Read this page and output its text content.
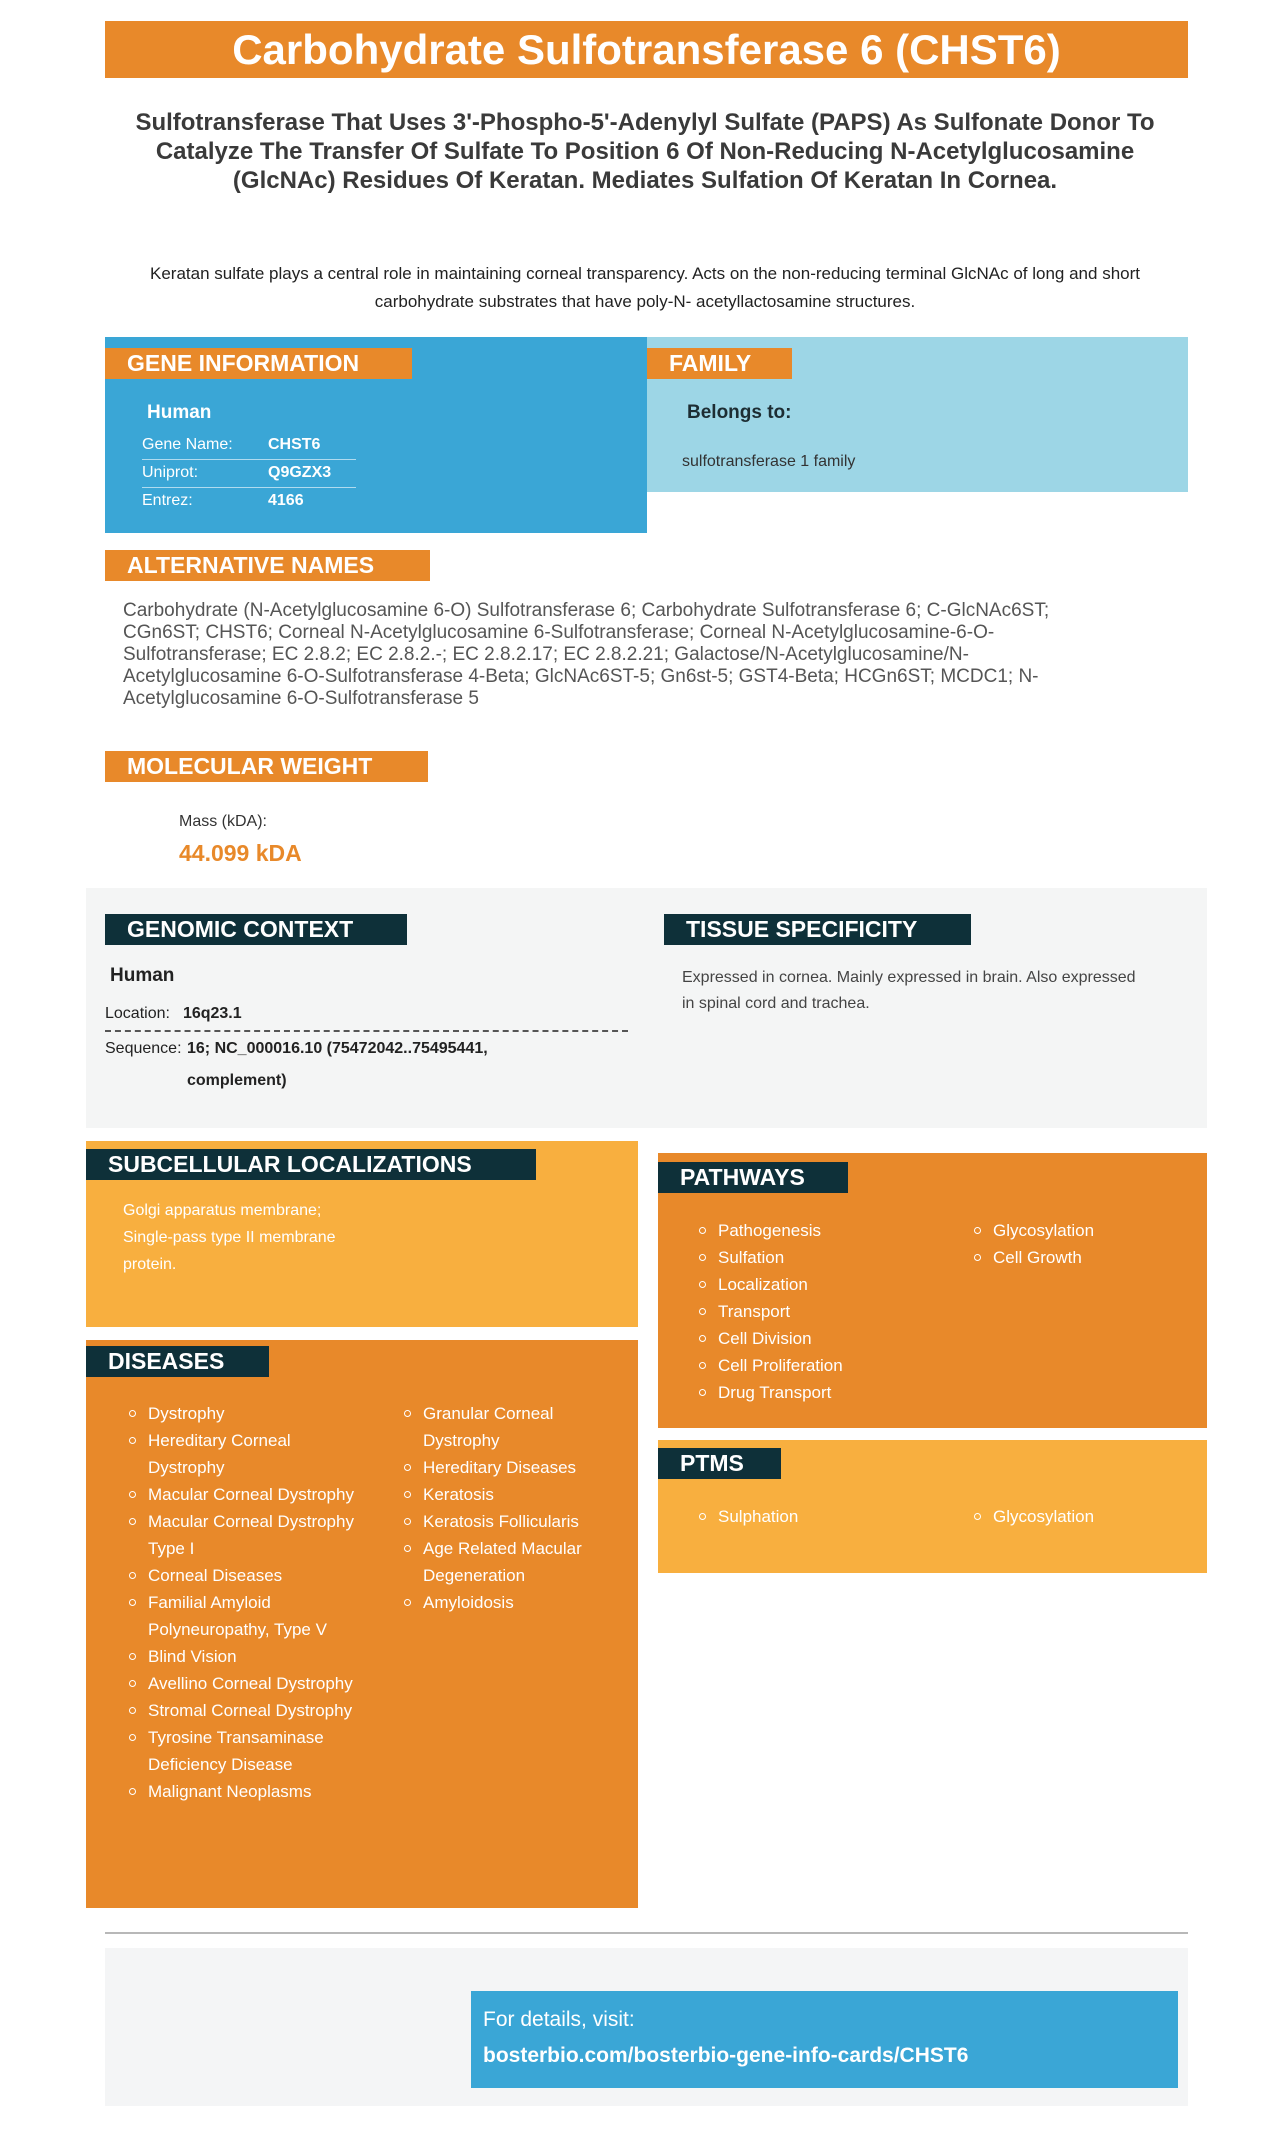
Carbohydrate Sulfotransferase 6 (CHST6)
Sulfotransferase That Uses 3'-Phospho-5'-Adenylyl Sulfate (PAPS) As Sulfonate Donor To Catalyze The Transfer Of Sulfate To Position 6 Of Non-Reducing N-Acetylglucosamine (GlcNAc) Residues Of Keratan. Mediates Sulfation Of Keratan In Cornea.
Keratan sulfate plays a central role in maintaining corneal transparency. Acts on the non-reducing terminal GlcNAc of long and short carbohydrate substrates that have poly-N- acetyllactosamine structures.
GENE INFORMATION
Human
Gene Name: CHST6
Uniprot:	Q9GZX3
Entrez:	4166
FAMILY
Belongs to:
sulfotransferase 1 family
ALTERNATIVE NAMES
Carbohydrate (N-Acetylglucosamine 6-O) Sulfotransferase 6; Carbohydrate Sulfotransferase 6; C-GlcNAc6ST; CGn6ST; CHST6; Corneal N-Acetylglucosamine 6-Sulfotransferase; Corneal N-Acetylglucosamine-6-O-Sulfotransferase; EC 2.8.2; EC 2.8.2.-; EC 2.8.2.17; EC 2.8.2.21; Galactose/N-Acetylglucosamine/N-Acetylglucosamine 6-O-Sulfotransferase 4-Beta; GlcNAc6ST-5; Gn6st-5; GST4-Beta; HCGn6ST; MCDC1; N-Acetylglucosamine 6-O-Sulfotransferase 5
MOLECULAR WEIGHT
Mass (kDA):
44.099 kDA
GENOMIC CONTEXT
Human
Location: 16q23.1
Sequence: 16; NC_000016.10 (75472042..75495441,
complement)
TISSUE SPECIFICITY
Expressed in cornea. Mainly expressed in brain. Also expressed in spinal cord and trachea.
SUBCELLULAR LOCALIZATIONS
Golgi apparatus membrane; Single-pass type II membrane protein.
DISEASES
Dystrophy
Hereditary Corneal Dystrophy
Macular Corneal Dystrophy
Macular Corneal Dystrophy Type I
Corneal Diseases
Familial Amyloid Polyneuropathy, Type V
Blind Vision
Avellino Corneal Dystrophy
Stromal Corneal Dystrophy
Tyrosine Transaminase Deficiency Disease
Malignant Neoplasms
Granular Corneal Dystrophy
Hereditary Diseases
Keratosis
Keratosis Follicularis
Age Related Macular Degeneration
Amyloidosis
PATHWAYS
Pathogenesis
Sulfation
Localization
Transport
Cell Division
Cell Proliferation
Drug Transport
Glycosylation
Cell Growth
PTMS
Sulphation	Glycosylation
For details, visit:
bosterbio.com/bosterbio-gene-info-cards/CHST6
